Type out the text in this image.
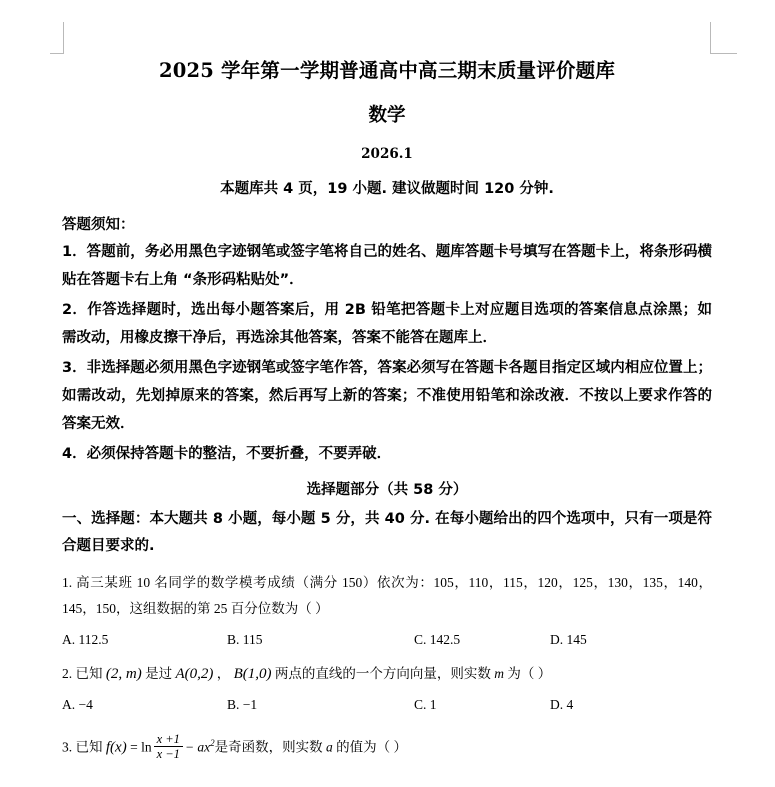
2025 学年第一学期普通高中高三期末质量评价题库
数学
2026.1
本题库共 4 页，19 小题. 建议做题时间 120 分钟.
答题须知：
1．答题前，务必用黑色字迹钢笔或签字笔将自己的姓名、题库答题卡号填写在答题卡上，将条形码横贴在答题卡右上角 “条形码粘贴处”．
2．作答选择题时，选出每小题答案后，用 2B 铅笔把答题卡上对应题目选项的答案信息点涂黑；如需改动，用橡皮擦干净后，再选涂其他答案，答案不能答在题库上．
3．非选择题必须用黑色字迹钢笔或签字笔作答，答案必须写在答题卡各题目指定区域内相应位置上；如需改动，先划掉原来的答案，然后再写上新的答案；不准使用铅笔和涂改液．不按以上要求作答的答案无效．
4．必须保持答题卡的整洁，不要折叠，不要弄破．
选择题部分（共 58 分）
一、选择题：本大题共 8 小题，每小题 5 分，共 40 分. 在每小题给出的四个选项中，只有一项是符合题目要求的.
1. 高三某班 10 名同学的数学模考成绩（满分 150）依次为：105，110，115，120，125，130，135，140， 145，150，这组数据的第 25 百分位数为（ ）
A. 112.5	B. 115	C. 142.5	D. 145
2. 已知 (2, m) 是过 A(0,2) ， B(1,0) 两点的直线的一个方向向量，则实数 m 为（ ）
A. −4	B. −1	C. 1	D. 4
3. 已知 $f(x) = \ln \frac{x +1}{x -1} - ax^2$是奇函数，则实数 a 的值为（ ）
